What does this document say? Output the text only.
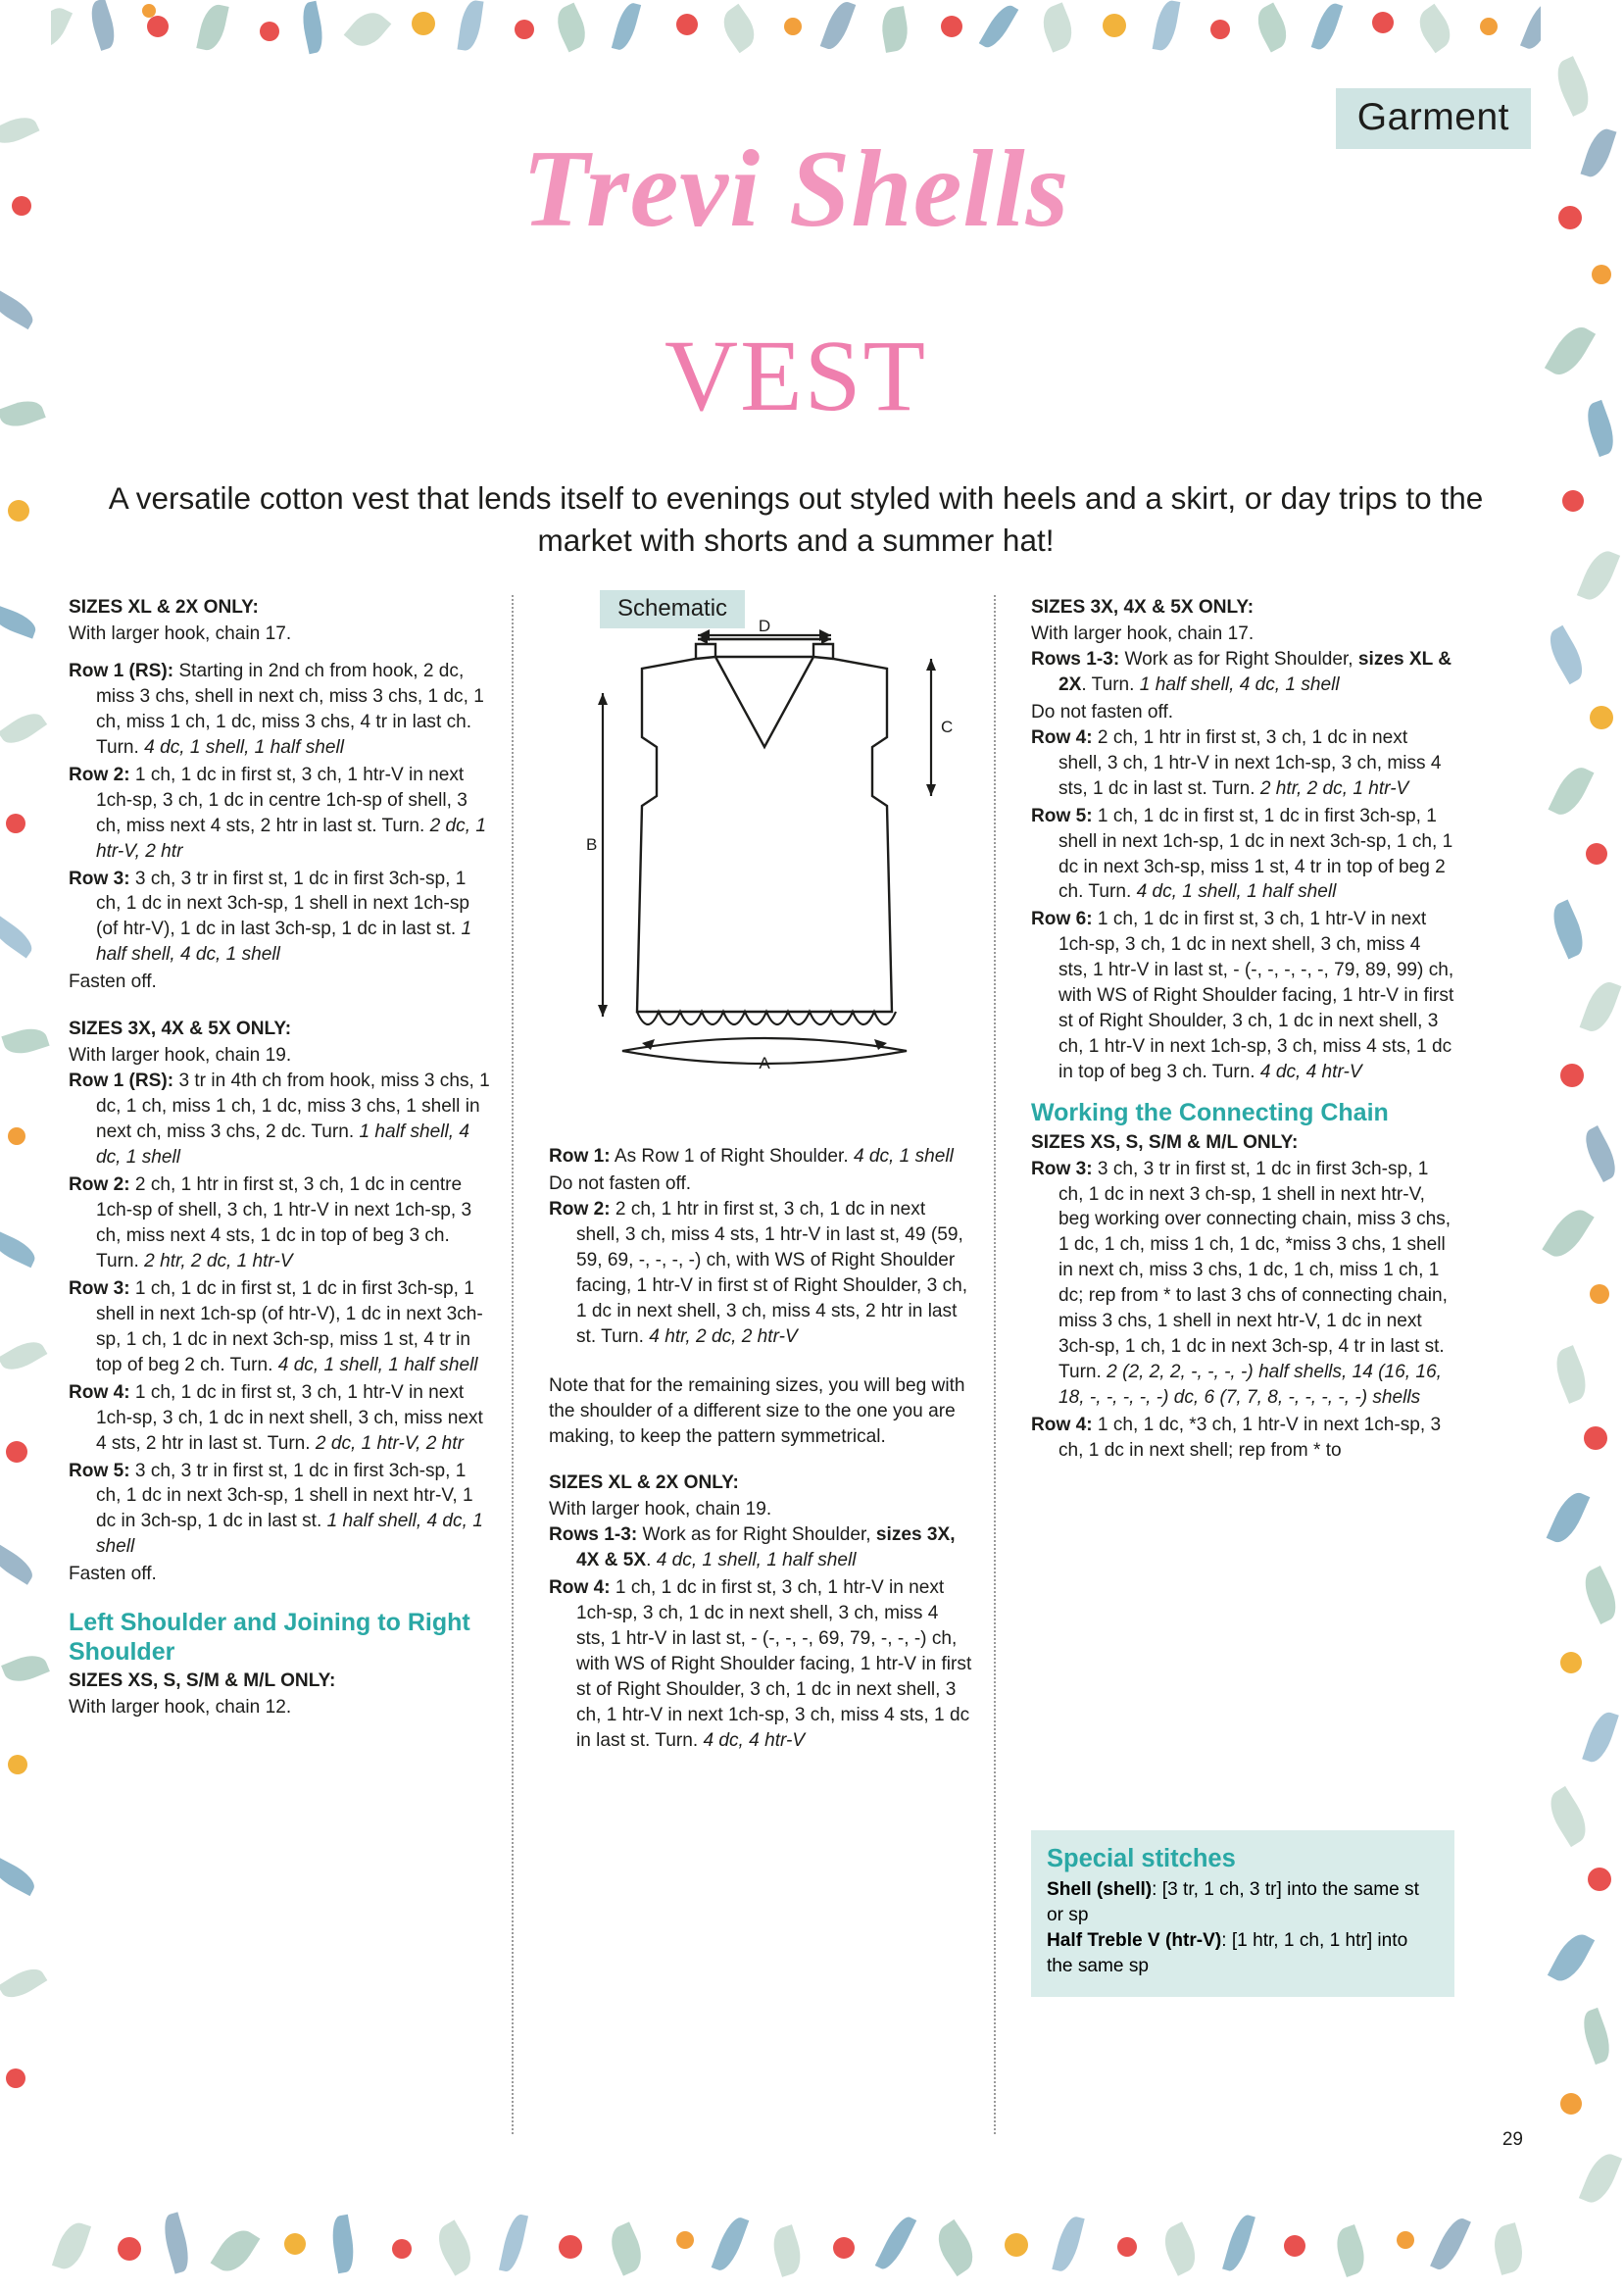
Garment
Trevi Shells
VEST
A versatile cotton vest that lends itself to evenings out styled with heels and a skirt, or day trips to the market with shorts and a summer hat!

SIZES XL & 2X ONLY:

With larger hook, chain 17.

Row 1 (RS): Starting in 2nd ch from hook, 2 dc, miss 3 chs, shell in next ch, miss 3 chs, 1 dc, 1 ch, miss 1 ch, 1 dc, miss 3 chs, 4 tr in last ch. Turn. 4 dc, 1 shell, 1 half shell

Row 2: 1 ch, 1 dc in first st, 3 ch, 1 htr-V in next 1ch-sp, 3 ch, 1 dc in centre 1ch-sp of shell, 3 ch, miss next 4 sts, 2 htr in last st. Turn. 2 dc, 1 htr-V, 2 htr

Row 3: 3 ch, 3 tr in first st, 1 dc in first 3ch-sp, 1 ch, 1 dc in next 3ch-sp, 1 shell in next 1ch-sp (of htr-V), 1 dc in last 3ch-sp, 1 dc in last st. 1 half shell, 4 dc, 1 shell

Fasten off.

SIZES 3X, 4X & 5X ONLY:

With larger hook, chain 19.

Row 1 (RS): 3 tr in 4th ch from hook, miss 3 chs, 1 dc, 1 ch, miss 1 ch, 1 dc, miss 3 chs, 1 shell in next ch, miss 3 chs, 2 dc. Turn. 1 half shell, 4 dc, 1 shell

Row 2: 2 ch, 1 htr in first st, 3 ch, 1 dc in centre 1ch-sp of shell, 3 ch, 1 htr-V in next 1ch-sp, 3 ch, miss next 4 sts, 1 dc in top of beg 3 ch. Turn. 2 htr, 2 dc, 1 htr-V

Row 3: 1 ch, 1 dc in first st, 1 dc in first 3ch-sp, 1 shell in next 1ch-sp (of htr-V), 1 dc in next 3ch-sp, 1 ch, 1 dc in next 3ch-sp, miss 1 st, 4 tr in top of beg 2 ch. Turn. 4 dc, 1 shell, 1 half shell

Row 4: 1 ch, 1 dc in first st, 3 ch, 1 htr-V in next 1ch-sp, 3 ch, 1 dc in next shell, 3 ch, miss next 4 sts, 2 htr in last st. Turn. 2 dc, 1 htr-V, 2 htr

Row 5: 3 ch, 3 tr in first st, 1 dc in first 3ch-sp, 1 ch, 1 dc in next 3ch-sp, 1 shell in next htr-V, 1 dc in 3ch-sp, 1 dc in last st. 1 half shell, 4 dc, 1 shell

Fasten off.

Left Shoulder and Joining to Right Shoulder

SIZES XS, S, S/M & M/L ONLY:

With larger hook, chain 12.

Schematic
D
B
C
A

Row 1: As Row 1 of Right Shoulder. 4 dc, 1 shell

Do not fasten off.

Row 2: 2 ch, 1 htr in first st, 3 ch, 1 dc in next shell, 3 ch, miss 4 sts, 1 htr-V in last st, 49 (59, 59, 69, -, -, -, -) ch, with WS of Right Shoulder facing, 1 htr-V in first st of Right Shoulder, 3 ch, 1 dc in next shell, 3 ch, miss 4 sts, 2 htr in last st. Turn. 4 htr, 2 dc, 2 htr-V

Note that for the remaining sizes, you will beg with the shoulder of a different size to the one you are making, to keep the pattern symmetrical.

SIZES XL & 2X ONLY:

With larger hook, chain 19.

Rows 1-3: Work as for Right Shoulder, sizes 3X, 4X & 5X. 4 dc, 1 shell, 1 half shell

Row 4: 1 ch, 1 dc in first st, 3 ch, 1 htr-V in next 1ch-sp, 3 ch, 1 dc in next shell, 3 ch, miss 4 sts, 1 htr-V in last st, - (-, -, -, 69, 79, -, -, -) ch, with WS of Right Shoulder facing, 1 htr-V in first st of Right Shoulder, 3 ch, 1 dc in next shell, 3 ch, 1 htr-V in next 1ch-sp, 3 ch, miss 4 sts, 1 dc in last st. Turn. 4 dc, 4 htr-V

SIZES 3X, 4X & 5X ONLY:

With larger hook, chain 17.

Rows 1-3: Work as for Right Shoulder, sizes XL & 2X. Turn. 1 half shell, 4 dc, 1 shell

Do not fasten off.

Row 4: 2 ch, 1 htr in first st, 3 ch, 1 dc in next shell, 3 ch, 1 htr-V in next 1ch-sp, 3 ch, miss 4 sts, 1 dc in last st. Turn. 2 htr, 2 dc, 1 htr-V

Row 5: 1 ch, 1 dc in first st, 1 dc in first 3ch-sp, 1 shell in next 1ch-sp, 1 dc in next 3ch-sp, 1 ch, 1 dc in next 3ch-sp, miss 1 st, 4 tr in top of beg 2 ch. Turn. 4 dc, 1 shell, 1 half shell

Row 6: 1 ch, 1 dc in first st, 3 ch, 1 htr-V in next 1ch-sp, 3 ch, 1 dc in next shell, 3 ch, miss 4 sts, 1 htr-V in last st, - (-, -, -, -, -, 79, 89, 99) ch, with WS of Right Shoulder facing, 1 htr-V in first st of Right Shoulder, 3 ch, 1 dc in next shell, 3 ch, 1 htr-V in next 1ch-sp, 3 ch, miss 4 sts, 1 dc in top of beg 3 ch. Turn. 4 dc, 4 htr-V

Working the Connecting Chain

SIZES XS, S, S/M & M/L ONLY:

Row 3: 3 ch, 3 tr in first st, 1 dc in first 3ch-sp, 1 ch, 1 dc in next 3 ch-sp, 1 shell in next htr-V, beg working over connecting chain, miss 3 chs, 1 dc, 1 ch, miss 1 ch, 1 dc, *miss 3 chs, 1 shell in next ch, miss 3 chs, 1 dc, 1 ch, miss 1 ch, 1 dc; rep from * to last 3 chs of connecting chain, miss 3 chs, 1 shell in next htr-V, 1 dc in next 3ch-sp, 1 ch, 1 dc in next 3ch-sp, 4 tr in last st. Turn. 2 (2, 2, 2, -, -, -, -) half shells, 14 (16, 16, 18, -, -, -, -, -) dc, 6 (7, 7, 8, -, -, -, -, -) shells

Row 4: 1 ch, 1 dc, *3 ch, 1 htr-V in next 1ch-sp, 3 ch, 1 dc in next shell; rep from * to

Special stitches

Shell (shell): [3 tr, 1 ch, 3 tr] into the same st or sp

Half Treble V (htr-V): [1 htr, 1 ch, 1 htr] into the same sp

29
